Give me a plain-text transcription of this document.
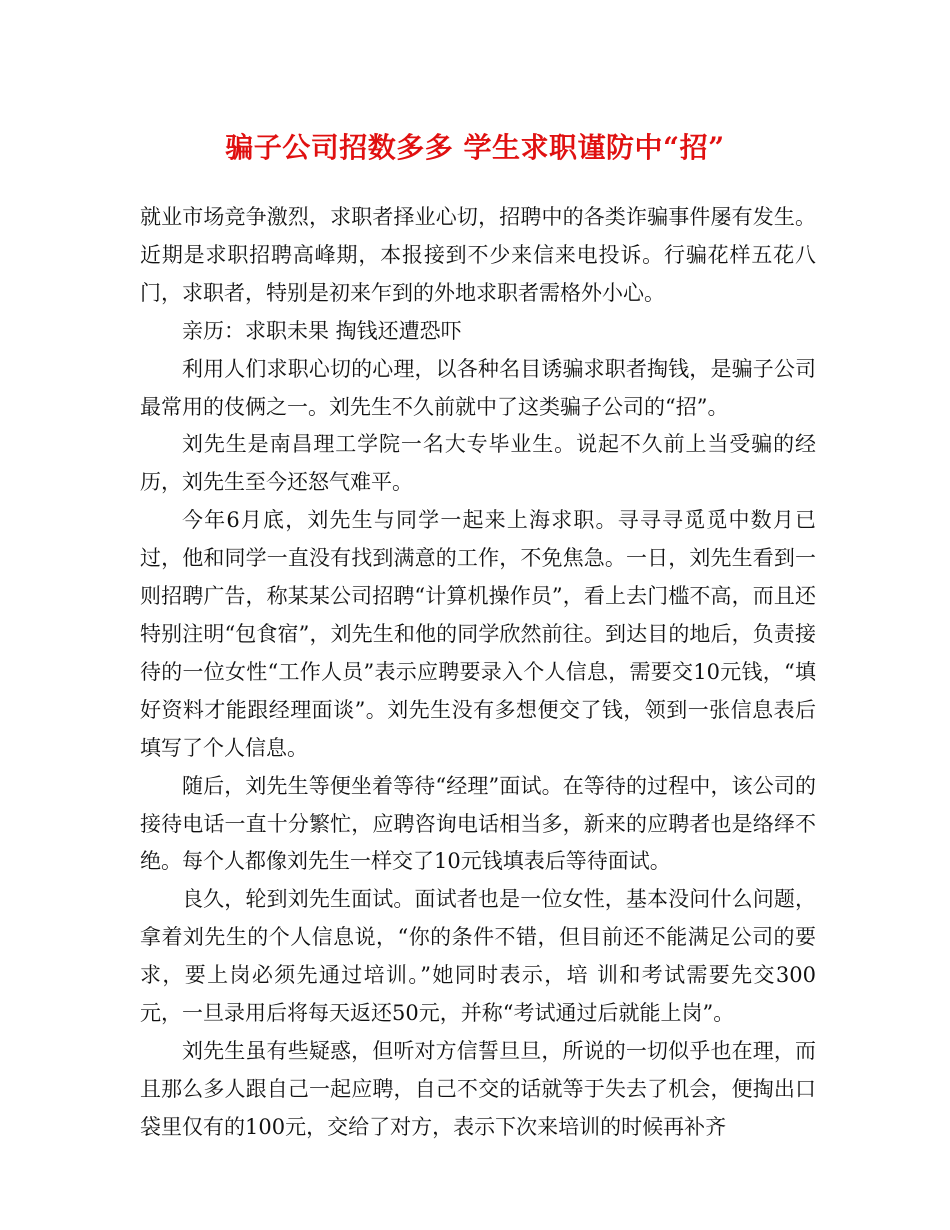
骗子公司招数多多 学生求职谨防中“招”

就业市场竞争激烈，求职者择业心切，招聘中的各类诈骗事件屡有发生。近期是求职招聘高峰期，本报接到不少来信来电投诉。行骗花样五花八门，求职者，特别是初来乍到的外地求职者需格外小心。

亲历：求职未果 掏钱还遭恐吓

利用人们求职心切的心理，以各种名目诱骗求职者掏钱，是骗子公司最常用的伎俩之一。刘先生不久前就中了这类骗子公司的“招”。

刘先生是南昌理工学院一名大专毕业生。说起不久前上当受骗的经历，刘先生至今还怒气难平。

今年6月底，刘先生与同学一起来上海求职。寻寻寻觅觅中数月已过，他和同学一直没有找到满意的工作，不免焦急。一日，刘先生看到一则招聘广告，称某某公司招聘“计算机操作员”，看上去门槛不高，而且还特别注明“包食宿”，刘先生和他的同学欣然前往。到达目的地后，负责接待的一位女性“工作人员”表示应聘要录入个人信息，需要交10元钱，“填好资料才能跟经理面谈”。刘先生没有多想便交了钱，领到一张信息表后填写了个人信息。

随后，刘先生等便坐着等待“经理”面试。在等待的过程中，该公司的接待电话一直十分繁忙，应聘咨询电话相当多，新来的应聘者也是络绎不绝。每个人都像刘先生一样交了10元钱填表后等待面试。

良久，轮到刘先生面试。面试者也是一位女性，基本没问什么问题，拿着刘先生的个人信息说，“你的条件不错，但目前还不能满足公司的要求，要上岗必须先通过培训。”她同时表示，培 训和考试需要先交300元，一旦录用后将每天返还50元，并称“考试通过后就能上岗”。

刘先生虽有些疑惑，但听对方信誓旦旦，所说的一切似乎也在理，而且那么多人跟自己一起应聘，自己不交的话就等于失去了机会，便掏出口袋里仅有的100元，交给了对方，表示下次来培训的时候再补齐
